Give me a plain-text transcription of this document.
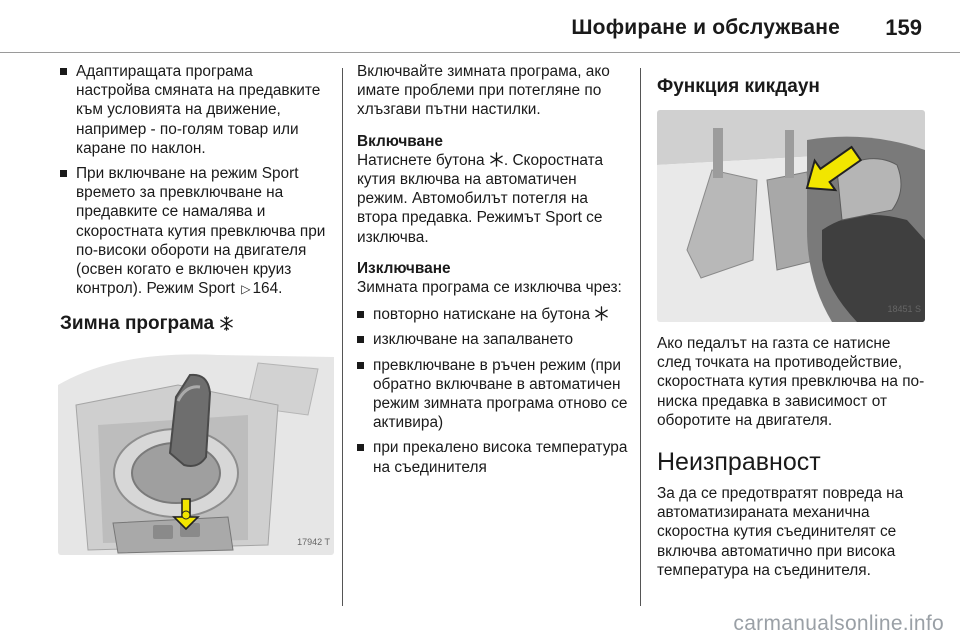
Шофиране и обслужване 159
Адаптиращата програма настройва смяната на предавките към условията на движение, например - по-голям товар или каране по наклон.
При включване на режим Sport времето за превключване на предавките се намалява и скоростната кутия превключва при по-високи обороти на двигателя (освен когато е включен круиз контрол). Режим Sport ▷ 164.
Зимна програма
17942 T

Включвайте зимната програма, ако имате проблеми при потегляне по хлъзгави пътни настилки.

Включване

Натиснете бутона . Скоростната кутия включва на автоматичен режим. Автомобилът потегля на втора предавка. Режимът Sport се изключва.

Изключване

Зимната програма се изключва чрез:

повторно натискане на бутона
изключване на запалването
превключване в ръчен режим (при обратно включване в автоматичен режим зимната програма отново се активира)
при прекалено висока температура на съединителя
Функция кикдаун
18451 S

Ако педалът на газта се натисне след точката на противодействие, скоростната кутия превключва на по-ниска предавка в зависимост от оборотите на двигателя.

Неизправност

За да се предотвратят повреда на автоматизираната механична скоростна кутия съединителят се включва автоматично при висока температура на съединителя.

carmanualsonline.info
